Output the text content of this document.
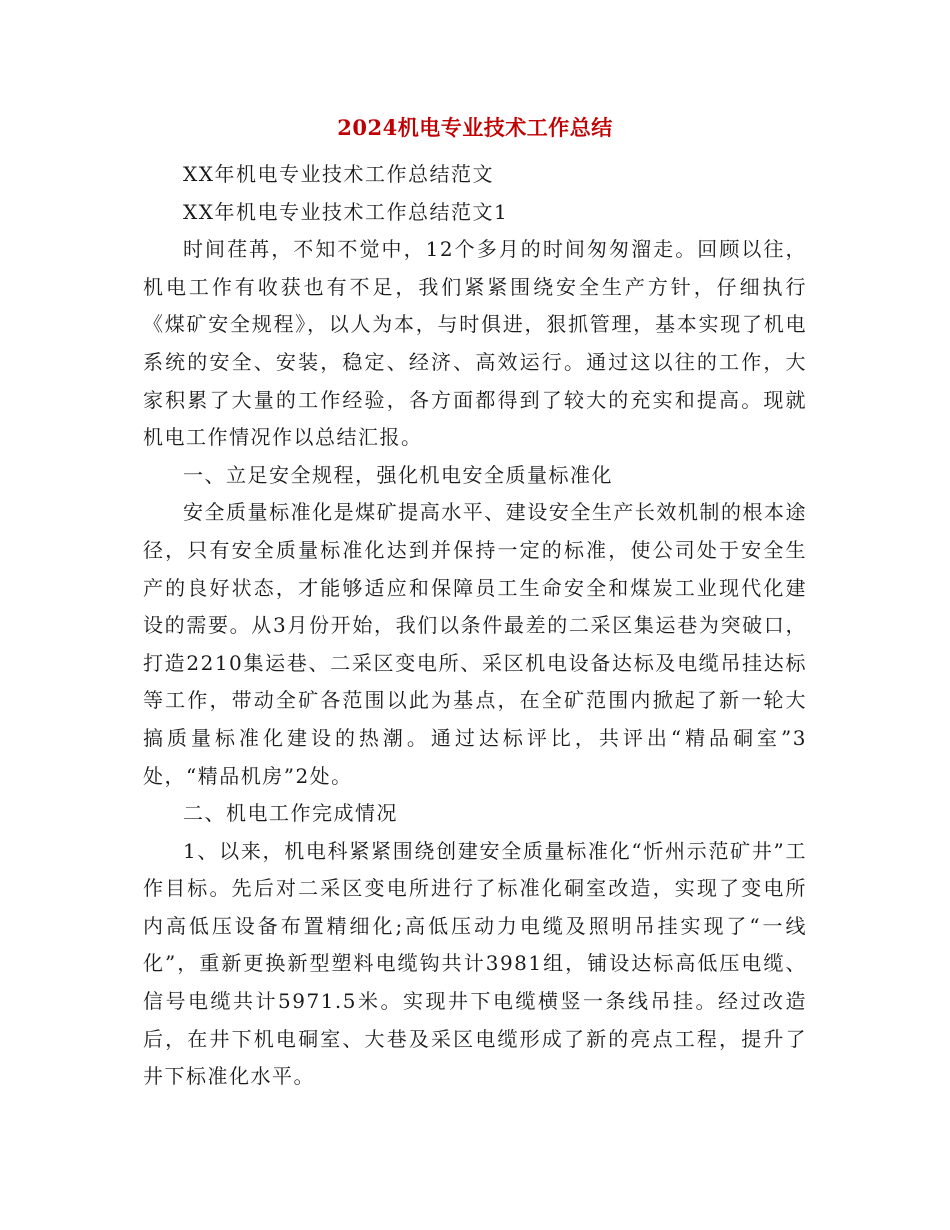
2024机电专业技术工作总结

XX年机电专业技术工作总结范文

XX年机电专业技术工作总结范文1

时间荏苒，不知不觉中，12个多月的时间匆匆溜走。回顾以往，机电工作有收获也有不足，我们紧紧围绕安全生产方针，仔细执行《煤矿安全规程》，以人为本，与时俱进，狠抓管理，基本实现了机电系统的安全、安装，稳定、经济、高效运行。通过这以往的工作，大家积累了大量的工作经验，各方面都得到了较大的充实和提高。现就机电工作情况作以总结汇报。

一、立足安全规程，强化机电安全质量标准化

安全质量标准化是煤矿提高水平、建设安全生产长效机制的根本途径，只有安全质量标准化达到并保持一定的标准，使公司处于安全生产的良好状态，才能够适应和保障员工生命安全和煤炭工业现代化建设的需要。从3月份开始，我们以条件最差的二采区集运巷为突破口，打造2210集运巷、二采区变电所、采区机电设备达标及电缆吊挂达标等工作，带动全矿各范围以此为基点，在全矿范围内掀起了新一轮大搞质量标准化建设的热潮。通过达标评比，共评出“精品硐室”3处，“精品机房”2处。

二、机电工作完成情况

1、以来，机电科紧紧围绕创建安全质量标准化“忻州示范矿井”工作目标。先后对二采区变电所进行了标准化硐室改造，实现了变电所内高低压设备布置精细化;高低压动力电缆及照明吊挂实现了“一线化”，重新更换新型塑料电缆钩共计3981组，铺设达标高低压电缆、信号电缆共计5971.5米。实现井下电缆横竖一条线吊挂。经过改造后，在井下机电硐室、大巷及采区电缆形成了新的亮点工程，提升了井下标准化水平。
